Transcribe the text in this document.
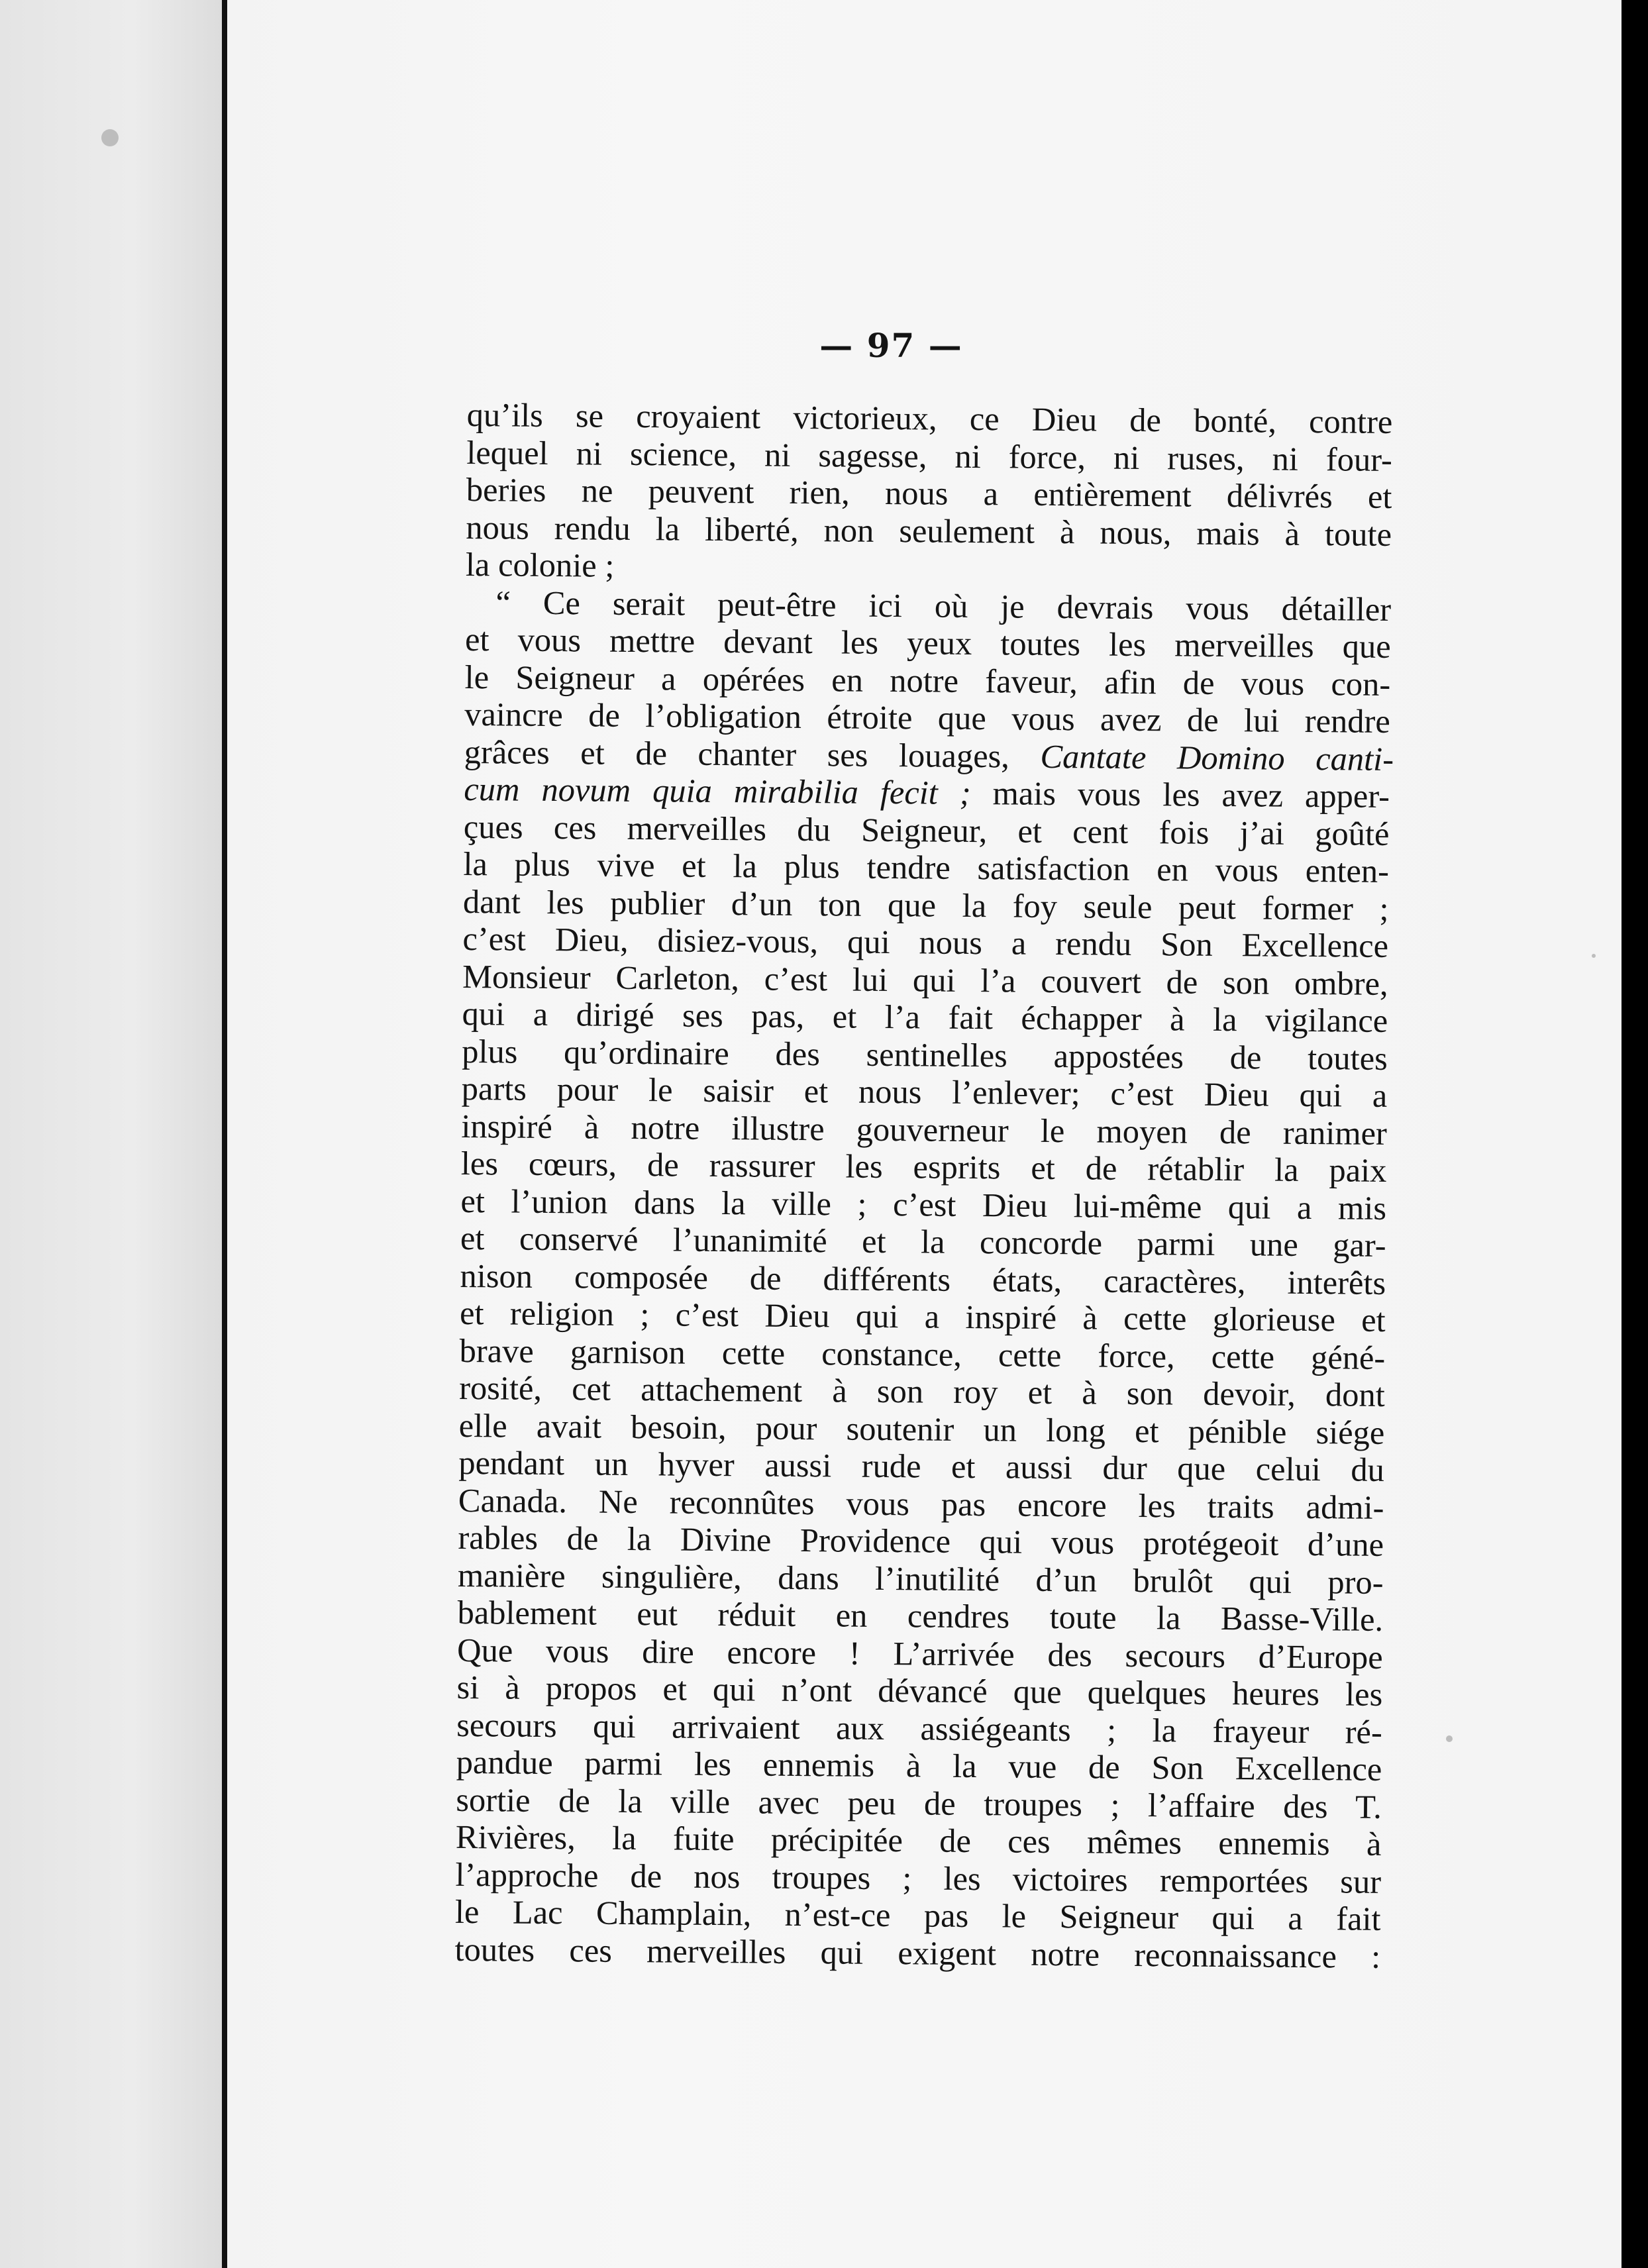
— 97 —
qu’ils se croyaient victorieux, ce Dieu de bonté, contre
lequel ni science, ni sagesse, ni force, ni ruses, ni four-
beries ne peuvent rien, nous a entièrement délivrés et
nous rendu la liberté, non seulement à nous, mais à toute
la colonie ;
“ Ce serait peut-être ici où je devrais vous détailler
et vous mettre devant les yeux toutes les merveilles que
le Seigneur a opérées en notre faveur, afin de vous con-
vaincre de l’obligation étroite que vous avez de lui rendre
grâces et de chanter ses louages, Cantate Domino canti-
cum novum quia mirabilia fecit ; mais vous les avez apper-
çues ces merveilles du Seigneur, et cent fois j’ai goûté
la plus vive et la plus tendre satisfaction en vous enten-
dant les publier d’un ton que la foy seule peut former ;
c’est Dieu, disiez-vous, qui nous a rendu Son Excellence
Monsieur Carleton, c’est lui qui l’a couvert de son ombre,
qui a dirigé ses pas, et l’a fait échapper à la vigilance
plus qu’ordinaire des sentinelles appostées de toutes
parts pour le saisir et nous l’enlever; c’est Dieu qui a
inspiré à notre illustre gouverneur le moyen de ranimer
les cœurs, de rassurer les esprits et de rétablir la paix
et l’union dans la ville ; c’est Dieu lui-même qui a mis
et conservé l’unanimité et la concorde parmi une gar-
nison composée de différents états, caractères, interêts
et religion ; c’est Dieu qui a inspiré à cette glorieuse et
brave garnison cette constance, cette force, cette géné-
rosité, cet attachement à son roy et à son devoir, dont
elle avait besoin, pour soutenir un long et pénible siége
pendant un hyver aussi rude et aussi dur que celui du
Canada. Ne reconnûtes vous pas encore les traits admi-
rables de la Divine Providence qui vous protégeoit d’une
manière singulière, dans l’inutilité d’un brulôt qui pro-
bablement eut réduit en cendres toute la Basse-Ville.
Que vous dire encore ! L’arrivée des secours d’Europe
si à propos et qui n’ont dévancé que quelques heures les
secours qui arrivaient aux assiégeants ; la frayeur ré-
pandue parmi les ennemis à la vue de Son Excellence
sortie de la ville avec peu de troupes ; l’affaire des T.
Rivières, la fuite précipitée de ces mêmes ennemis à
l’approche de nos troupes ; les victoires remportées sur
le Lac Champlain, n’est-ce pas le Seigneur qui a fait
toutes ces merveilles qui exigent notre reconnaissance :
